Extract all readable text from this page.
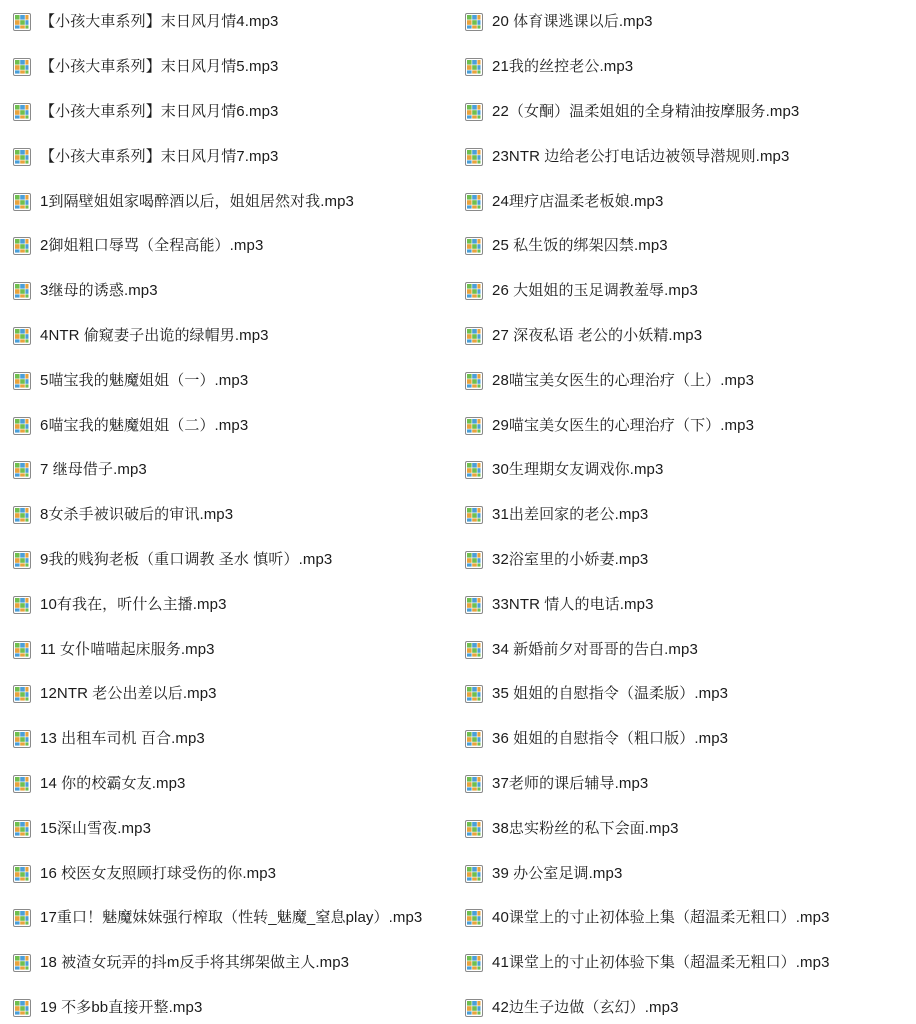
【小孩大車系列】末日风月情4.mp3
【小孩大車系列】末日风月情5.mp3
【小孩大車系列】末日风月情6.mp3
【小孩大車系列】末日风月情7.mp3
1到隔壁姐姐家喝醉酒以后，姐姐居然对我.mp3
2御姐粗口辱骂（全程高能）.mp3
3继母的诱惑.mp3
4NTR 偷窥妻子出诡的绿帽男.mp3
5喵宝我的魅魔姐姐（一）.mp3
6喵宝我的魅魔姐姐（二）.mp3
7 继母借子.mp3
8女杀手被识破后的审讯.mp3
9我的贱狗老板（重口调教 圣水 慎听）.mp3
10有我在，听什么主播.mp3
11 女仆喵喵起床服务.mp3
12NTR 老公出差以后.mp3
13 出租车司机 百合.mp3
14 你的校霸女友.mp3
15深山雪夜.mp3
16 校医女友照顾打球受伤的你.mp3
17重口！魅魔妹妹强行榨取（性转_魅魔_窒息play）.mp3
18 被渣女玩弄的抖m反手将其绑架做主人.mp3
19 不多bb直接开整.mp3
20 体育课逃课以后.mp3
21我的丝控老公.mp3
22（女酮）温柔姐姐的全身精油按摩服务.mp3
23NTR 边给老公打电话边被领导潜规则.mp3
24理疗店温柔老板娘.mp3
25 私生饭的绑架囚禁.mp3
26 大姐姐的玉足调教羞辱.mp3
27 深夜私语 老公的小妖精.mp3
28喵宝美女医生的心理治疗（上）.mp3
29喵宝美女医生的心理治疗（下）.mp3
30生理期女友调戏你.mp3
31出差回家的老公.mp3
32浴室里的小娇妻.mp3
33NTR 情人的电话.mp3
34 新婚前夕对哥哥的告白.mp3
35 姐姐的自慰指令（温柔版）.mp3
36 姐姐的自慰指令（粗口版）.mp3
37老师的课后辅导.mp3
38忠实粉丝的私下会面.mp3
39 办公室足调.mp3
40课堂上的寸止初体验上集（超温柔无粗口）.mp3
41课堂上的寸止初体验下集（超温柔无粗口）.mp3
42边生子边做（玄幻）.mp3
